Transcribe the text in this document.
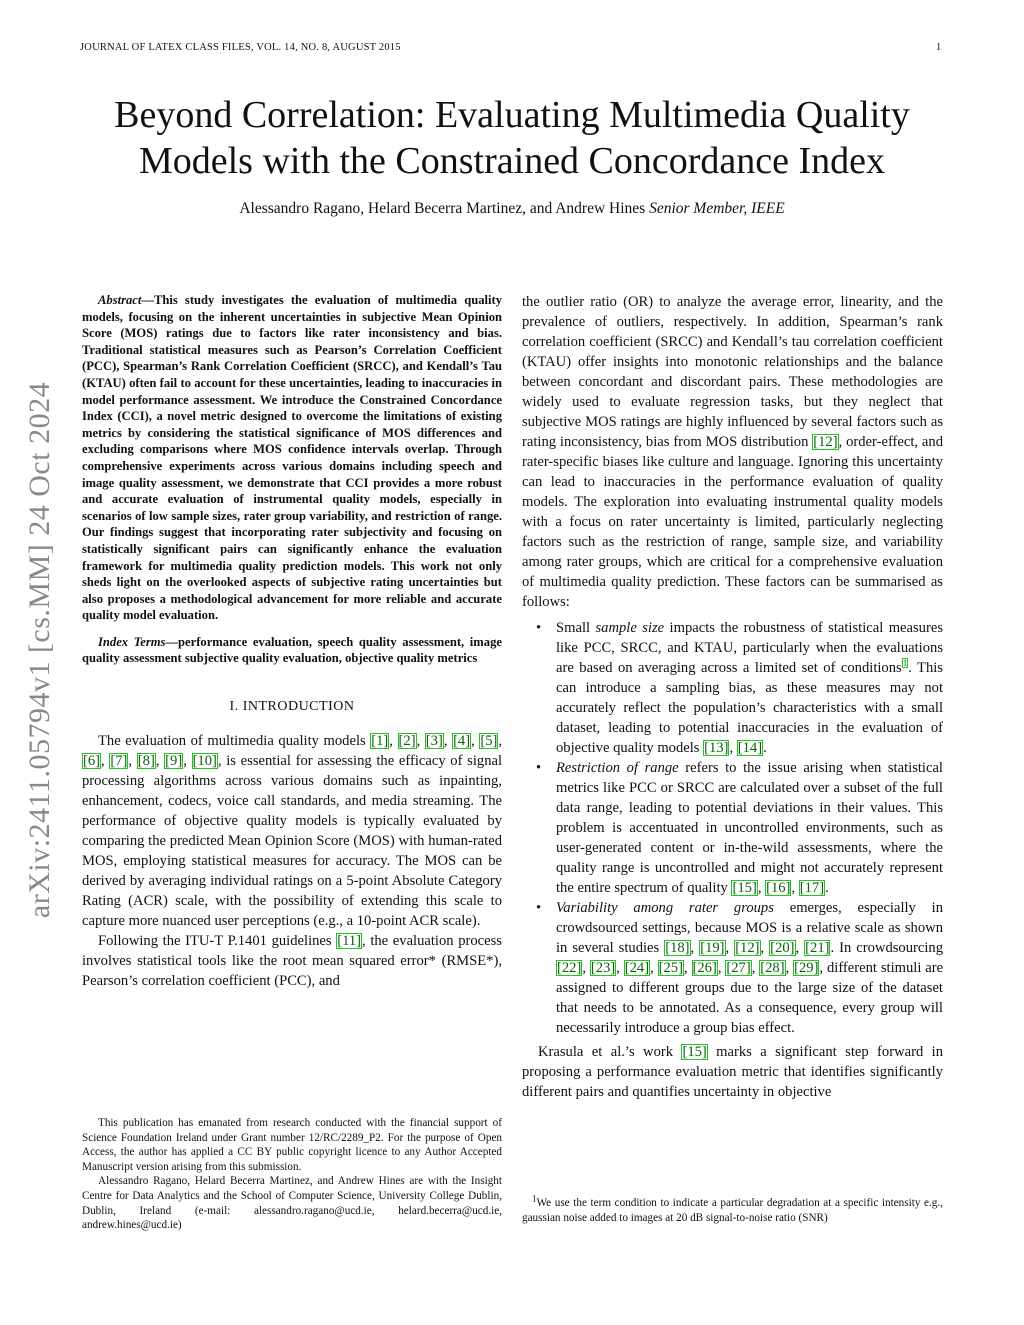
JOURNAL OF LATEX CLASS FILES, VOL. 14, NO. 8, AUGUST 2015	1
Beyond Correlation: Evaluating Multimedia Quality
Models with the Constrained Concordance Index
Alessandro Ragano, Helard Becerra Martinez, and Andrew Hines Senior Member, IEEE
arXiv:2411.05794v1 [cs.MM] 24 Oct 2024

Abstract—This study investigates the evaluation of multimedia quality models, focusing on the inherent uncertainties in subjective Mean Opinion Score (MOS) ratings due to factors like rater inconsistency and bias. Traditional statistical measures such as Pearson’s Correlation Coefficient (PCC), Spearman’s Rank Correlation Coefficient (SRCC), and Kendall’s Tau (KTAU) often fail to account for these uncertainties, leading to inaccuracies in model performance assessment. We introduce the Constrained Concordance Index (CCI), a novel metric designed to overcome the limitations of existing metrics by considering the statistical significance of MOS differences and excluding comparisons where MOS confidence intervals overlap. Through comprehensive experiments across various domains including speech and image quality assessment, we demonstrate that CCI provides a more robust and accurate evaluation of instrumental quality models, especially in scenarios of low sample sizes, rater group variability, and restriction of range. Our findings suggest that incorporating rater subjectivity and focusing on statistically significant pairs can significantly enhance the evaluation framework for multimedia quality prediction models. This work not only sheds light on the overlooked aspects of subjective rating uncertainties but also proposes a methodological advancement for more reliable and accurate quality model evaluation.

Index Terms—performance evaluation, speech quality assessment, image quality assessment subjective quality evaluation, objective quality metrics

I. INTRODUCTION

The evaluation of multimedia quality models [1], [2], [3], [4], [5], [6], [7], [8], [9], [10], is essential for assessing the efficacy of signal processing algorithms across various domains such as inpainting, enhancement, codecs, voice call standards, and media streaming. The performance of objective quality models is typically evaluated by comparing the predicted Mean Opinion Score (MOS) with human-rated MOS, employing statistical measures for accuracy. The MOS can be derived by averaging individual ratings on a 5-point Absolute Category Rating (ACR) scale, with the possibility of extending this scale to capture more nuanced user perceptions (e.g., a 10-point ACR scale).

Following the ITU-T P.1401 guidelines [11], the evaluation process involves statistical tools like the root mean squared error* (RMSE*), Pearson’s correlation coefficient (PCC), and

This publication has emanated from research conducted with the financial support of Science Foundation Ireland under Grant number 12/RC/2289_P2. For the purpose of Open Access, the author has applied a CC BY public copyright licence to any Author Accepted Manuscript version arising from this submission.

Alessandro Ragano, Helard Becerra Martinez, and Andrew Hines are with the Insight Centre for Data Analytics and the School of Computer Science, University College Dublin, Dublin, Ireland (e-mail: alessandro.ragano@ucd.ie, helard.becerra@ucd.ie, andrew.hines@ucd.ie)

the outlier ratio (OR) to analyze the average error, linearity, and the prevalence of outliers, respectively. In addition, Spearman’s rank correlation coefficient (SRCC) and Kendall’s tau correlation coefficient (KTAU) offer insights into monotonic relationships and the balance between concordant and discordant pairs. These methodologies are widely used to evaluate regression tasks, but they neglect that subjective MOS ratings are highly influenced by several factors such as rating inconsistency, bias from MOS distribution [12], order-effect, and rater-specific biases like culture and language. Ignoring this uncertainty can lead to inaccuracies in the performance evaluation of quality models. The exploration into evaluating instrumental quality models with a focus on rater uncertainty is limited, particularly neglecting factors such as the restriction of range, sample size, and variability among rater groups, which are critical for a comprehensive evaluation of multimedia quality prediction. These factors can be summarised as follows:

• Small sample size impacts the robustness of statistical measures like PCC, SRCC, and KTAU, particularly when the evaluations are based on averaging across a limited set of conditions$^1$. This can introduce a sampling bias, as these measures may not accurately reflect the population’s characteristics with a small dataset, leading to potential inaccuracies in the evaluation of objective quality models [13], [14].
• Restriction of range refers to the issue arising when statistical metrics like PCC or SRCC are calculated over a subset of the full data range, leading to potential deviations in their values. This problem is accentuated in uncontrolled environments, such as user-generated content or in-the-wild assessments, where the quality range is uncontrolled and might not accurately represent the entire spectrum of quality [15], [16], [17].
• Variability among rater groups emerges, especially in crowdsourced settings, because MOS is a relative scale as shown in several studies [18], [19], [12], [20], [21]. In crowdsourcing [22], [23], [24], [25], [26], [27], [28], [29], different stimuli are assigned to different groups due to the large size of the dataset that needs to be annotated. As a consequence, every group will necessarily introduce a group bias effect.

Krasula et al.’s work [15] marks a significant step forward in proposing a performance evaluation metric that identifies significantly different pairs and quantifies uncertainty in objective

$^1$We use the term condition to indicate a particular degradation at a specific intensity e.g., gaussian noise added to images at 20 dB signal-to-noise ratio (SNR)
